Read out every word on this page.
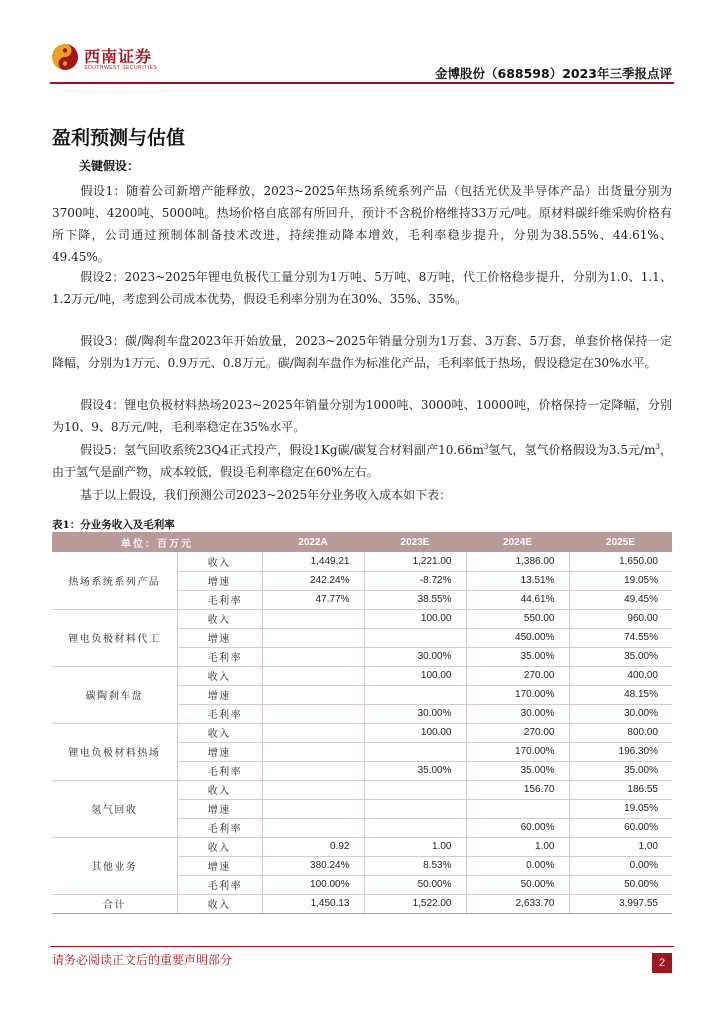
西南证券
SOUTHWEST SECURITIES	金博股份（688598）2023年三季报点评
盈利预测与估值
关键假设：

假设1：随着公司新增产能释放，2023~2025年热场系统系列产品（包括光伏及半导体产品）出货量分别为3700吨、4200吨、5000吨。热场价格自底部有所回升，预计不含税价格维持33万元/吨。原材料碳纤维采购价格有所下降，公司通过预制体制备技术改进，持续推动降本增效，毛利率稳步提升，分别为38.55%、44.61%、49.45%。

假设2：2023~2025年锂电负极代工量分别为1万吨、5万吨、8万吨，代工价格稳步提升，分别为1.0、1.1、1.2万元/吨，考虑到公司成本优势，假设毛利率分别为在30%、35%、35%。

假设3：碳/陶刹车盘2023年开始放量，2023~2025年销量分别为1万套、3万套、5万套，单套价格保持一定降幅，分别为1万元、0.9万元、0.8万元。碳/陶刹车盘作为标准化产品，毛利率低于热场，假设稳定在30%水平。

假设4：锂电负极材料热场2023~2025年销量分别为1000吨、3000吨、10000吨，价格保持一定降幅，分别为10、9、8万元/吨，毛利率稳定在35%水平。

假设5：氢气回收系统23Q4正式投产，假设1Kg碳/碳复合材料副产$10.66m^3$氢气，氢气价格假设为3.5元$/m^3$，由于氢气是副产物，成本较低，假设毛利率稳定在60%左右。

基于以上假设，我们预测公司2023~2025年分业务收入成本如下表：

表1：分业务收入及毛利率
单位：百万元		2022A	2023E	2024E	2025E
热场系统系列产品	收入	1,449.21	1,221.00	1,386.00	1,650.00
	增速	242.24%	-8.72%	13.51%	19.05%
	毛利率	47.77%	38.55%	44.61%	49.45%
锂电负极材料代工	收入		100.00	550.00	960.00
	增速			450.00%	74.55%
	毛利率		30.00%	35.00%	35.00%
碳陶刹车盘	收入		100.00	270.00	400.00
	增速			170.00%	48.15%
	毛利率		30.00%	30.00%	30.00%
锂电负极材料热场	收入		100.00	270.00	800.00
	增速			170.00%	196.30%
	毛利率		35.00%	35.00%	35.00%
氢气回收	收入			156.70	186.55
	增速				19.05%
	毛利率			60.00%	60.00%
其他业务	收入	0.92	1.00	1.00	1.00
	增速	380.24%	8.53%	0.00%	0.00%
	毛利率	100.00%	50.00%	50.00%	50.00%
合计	收入	1,450.13	1,522.00	2,633.70	3,997.55
请务必阅读正文后的重要声明部分	2
